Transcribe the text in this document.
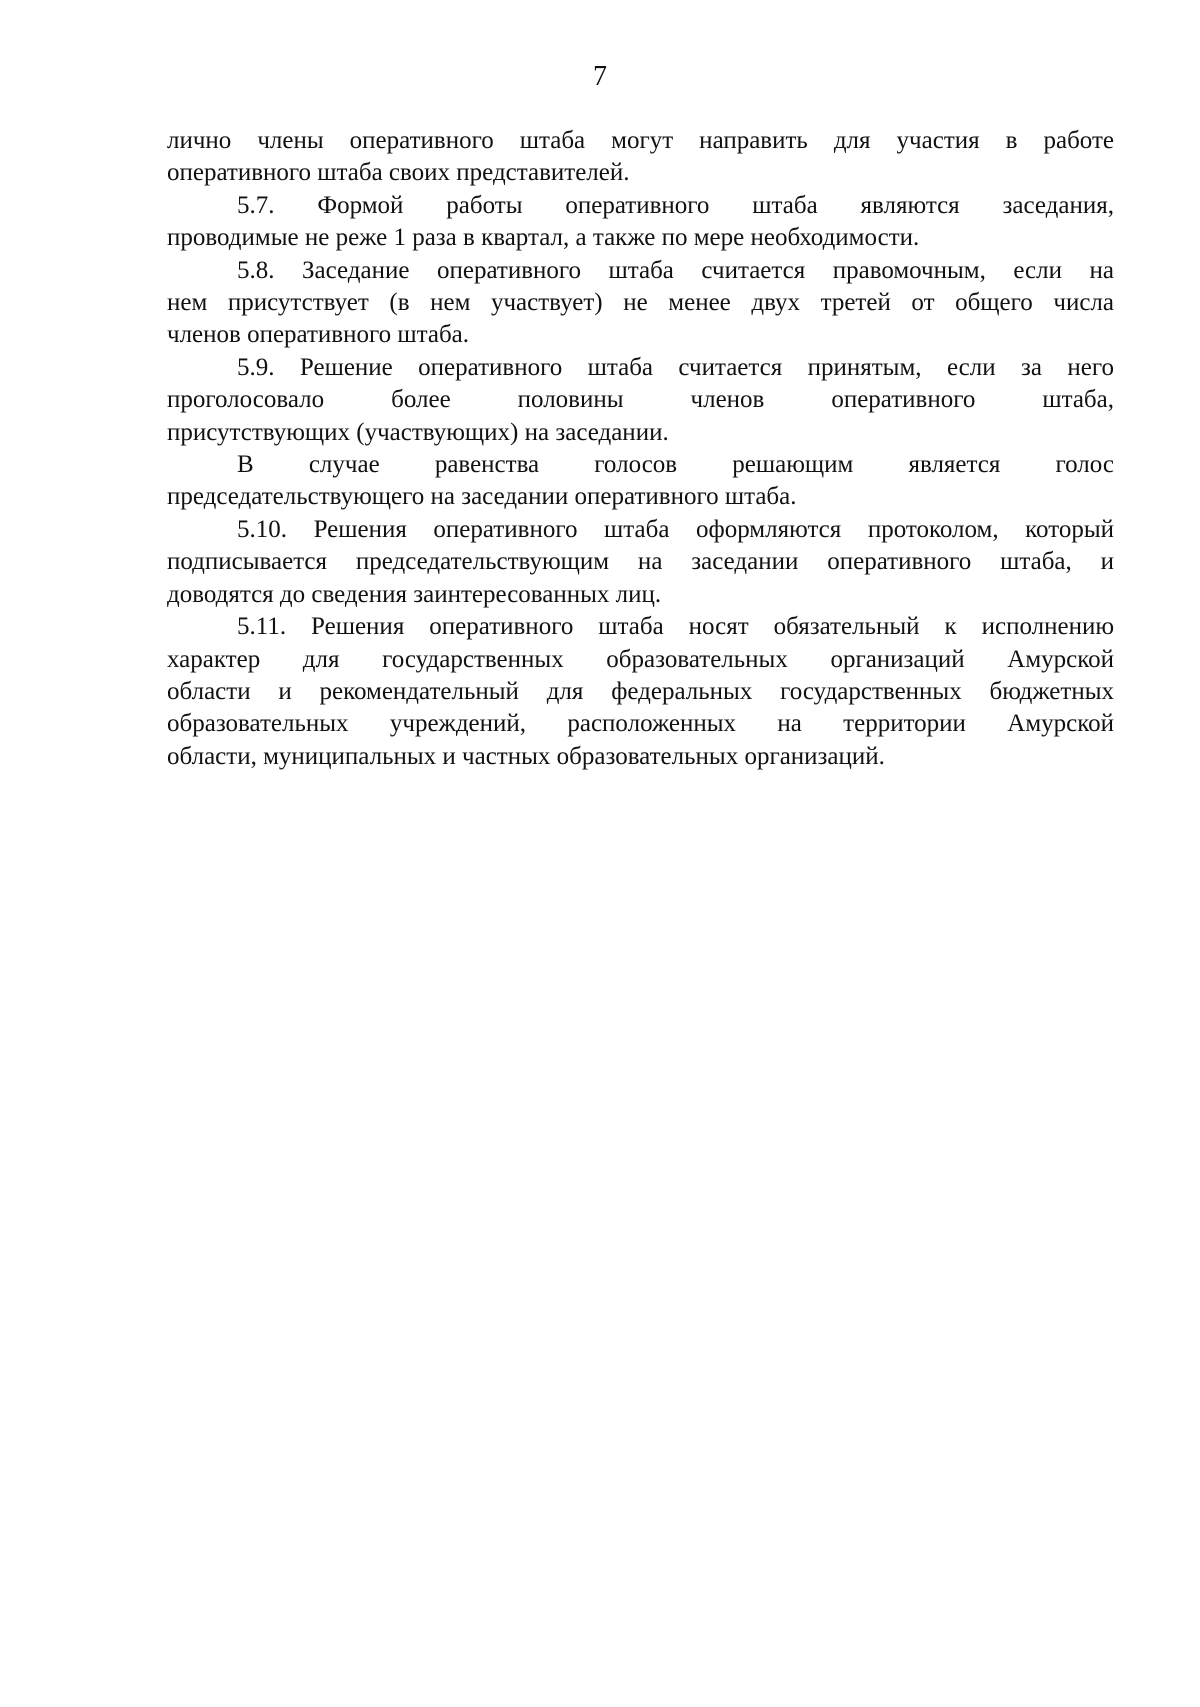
7

лично члены оперативного штаба могут направить для участия в работе
оперативного штаба своих представителей.

5.7. Формой работы оперативного штаба являются заседания,
проводимые не реже 1 раза в квартал, а также по мере необходимости.

5.8. Заседание оперативного штаба считается правомочным, если на
нем присутствует (в нем участвует) не менее двух третей от общего числа
членов оперативного штаба.

5.9. Решение оперативного штаба считается принятым, если за него
проголосовало более половины членов оперативного штаба,
присутствующих (участвующих) на заседании.

В случае равенства голосов решающим является голос
председательствующего на заседании оперативного штаба.

5.10. Решения оперативного штаба оформляются протоколом, который
подписывается председательствующим на заседании оперативного штаба, и
доводятся до сведения заинтересованных лиц.

5.11. Решения оперативного штаба носят обязательный к исполнению
характер для государственных образовательных организаций Амурской
области и рекомендательный для федеральных государственных бюджетных
образовательных учреждений, расположенных на территории Амурской
области, муниципальных и частных образовательных организаций.
